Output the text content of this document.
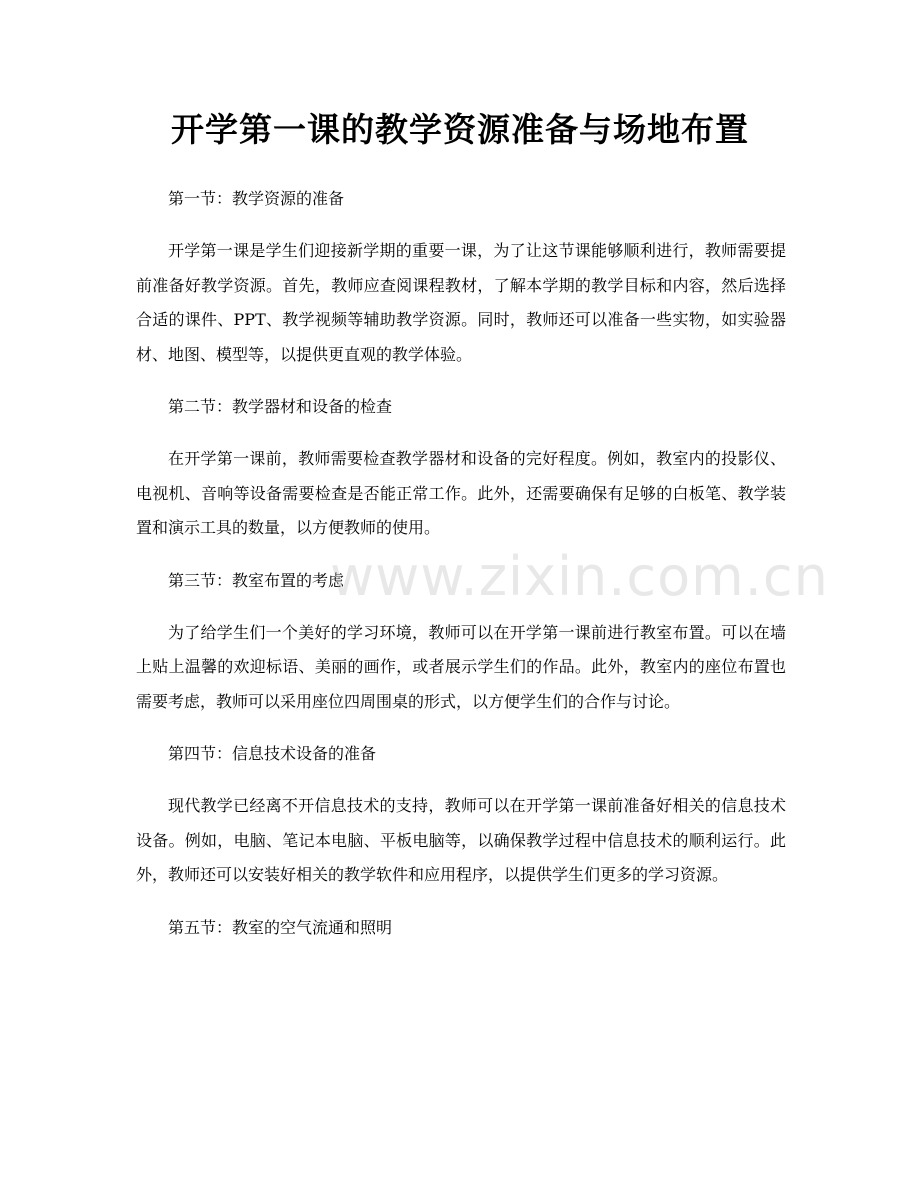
开学第一课的教学资源准备与场地布置

第一节：教学资源的准备

开学第一课是学生们迎接新学期的重要一课，为了让这节课能够顺利进行，教师需要提前准备好教学资源。首先，教师应查阅课程教材，了解本学期的教学目标和内容，然后选择合适的课件、PPT、教学视频等辅助教学资源。同时，教师还可以准备一些实物，如实验器材、地图、模型等，以提供更直观的教学体验。

第二节：教学器材和设备的检查

在开学第一课前，教师需要检查教学器材和设备的完好程度。例如，教室内的投影仪、电视机、音响等设备需要检查是否能正常工作。此外，还需要确保有足够的白板笔、教学装置和演示工具的数量，以方便教师的使用。

第三节：教室布置的考虑

为了给学生们一个美好的学习环境，教师可以在开学第一课前进行教室布置。可以在墙上贴上温馨的欢迎标语、美丽的画作，或者展示学生们的作品。此外，教室内的座位布置也需要考虑，教师可以采用座位四周围桌的形式，以方便学生们的合作与讨论。

第四节：信息技术设备的准备

现代教学已经离不开信息技术的支持，教师可以在开学第一课前准备好相关的信息技术设备。例如，电脑、笔记本电脑、平板电脑等，以确保教学过程中信息技术的顺利运行。此外，教师还可以安装好相关的教学软件和应用程序，以提供学生们更多的学习资源。

第五节：教室的空气流通和照明

www.zixin.com.cn
